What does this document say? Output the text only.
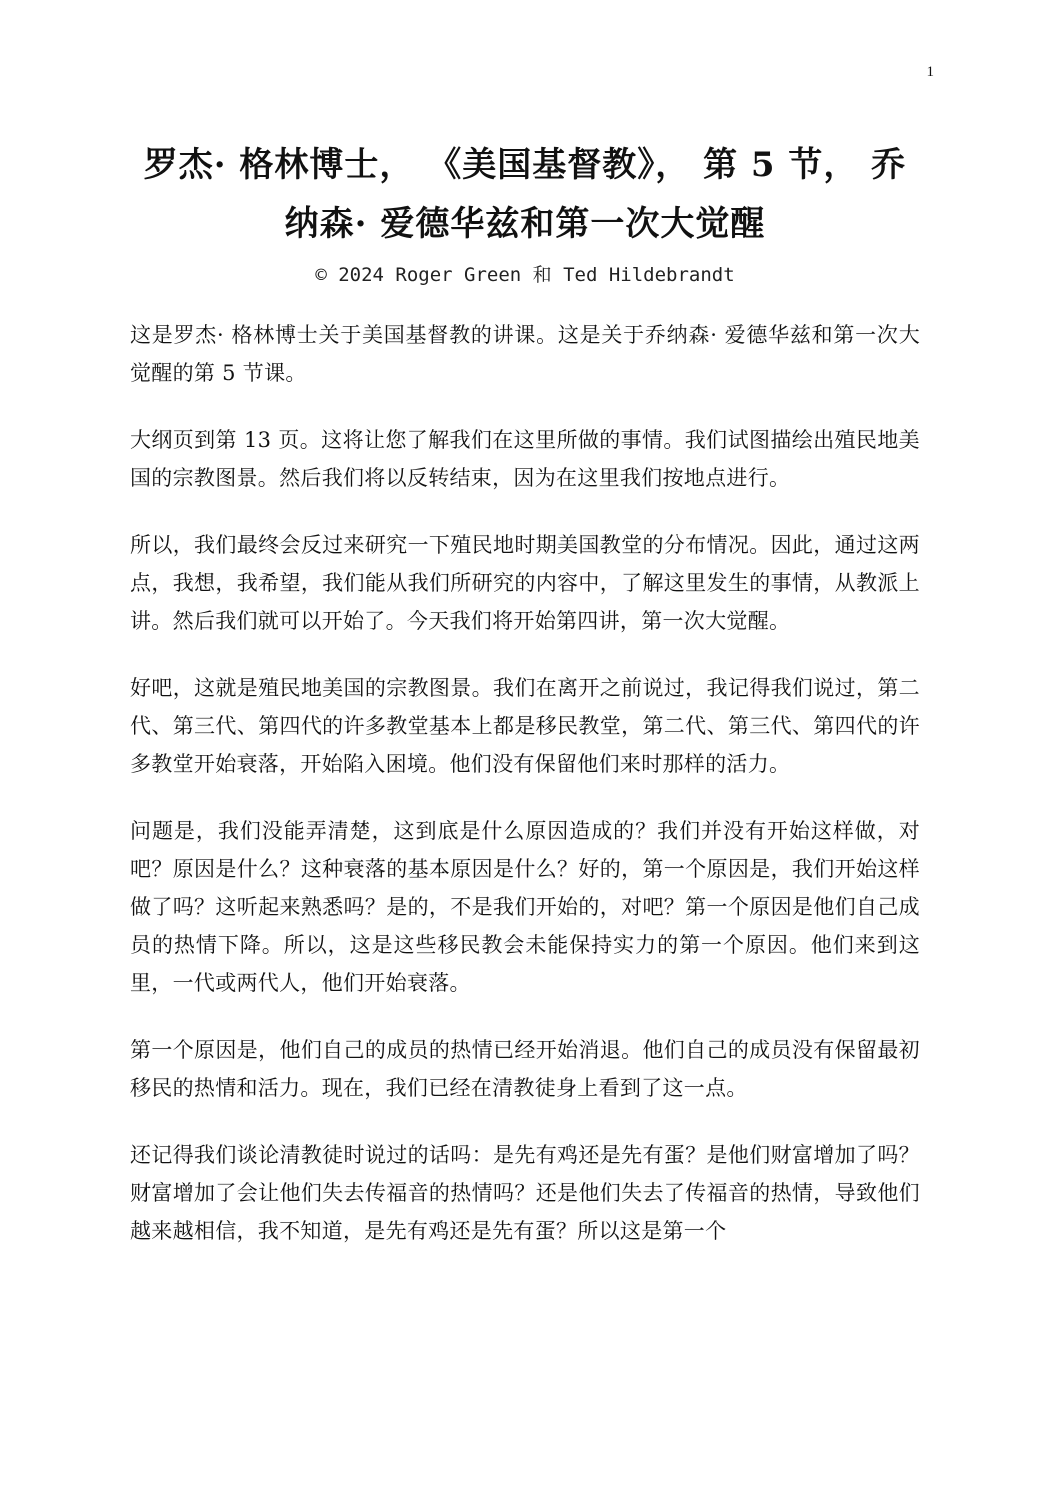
1
罗杰· 格林博士， 《美国基督教》， 第 5 节， 乔纳森· 爱德华兹和第一次大觉醒
© 2024 Roger Green 和 Ted Hildebrandt

这是罗杰· 格林博士关于美国基督教的讲课。这是关于乔纳森· 爱德华兹和第一次大觉醒的第 5 节课。

大纲页到第 13 页。这将让您了解我们在这里所做的事情。我们试图描绘出殖民地美国的宗教图景。然后我们将以反转结束，因为在这里我们按地点进行。

所以，我们最终会反过来研究一下殖民地时期美国教堂的分布情况。因此，通过这两点，我想，我希望，我们能从我们所研究的内容中，了解这里发生的事情，从教派上讲。然后我们就可以开始了。今天我们将开始第四讲，第一次大觉醒。

好吧，这就是殖民地美国的宗教图景。我们在离开之前说过，我记得我们说过，第二代、第三代、第四代的许多教堂基本上都是移民教堂，第二代、第三代、第四代的许多教堂开始衰落，开始陷入困境。他们没有保留他们来时那样的活力。

问题是，我们没能弄清楚，这到底是什么原因造成的？我们并没有开始这样做，对吧？原因是什么？这种衰落的基本原因是什么？好的，第一个原因是，我们开始这样做了吗？这听起来熟悉吗？是的，不是我们开始的，对吧？第一个原因是他们自己成员的热情下降。所以，这是这些移民教会未能保持实力的第一个原因。他们来到这里，一代或两代人，他们开始衰落。

第一个原因是，他们自己的成员的热情已经开始消退。他们自己的成员没有保留最初移民的热情和活力。现在，我们已经在清教徒身上看到了这一点。

还记得我们谈论清教徒时说过的话吗：是先有鸡还是先有蛋？是他们财富增加了吗？财富增加了会让他们失去传福音的热情吗？还是他们失去了传福音的热情，导致他们越来越相信，我不知道，是先有鸡还是先有蛋？所以这是第一个
